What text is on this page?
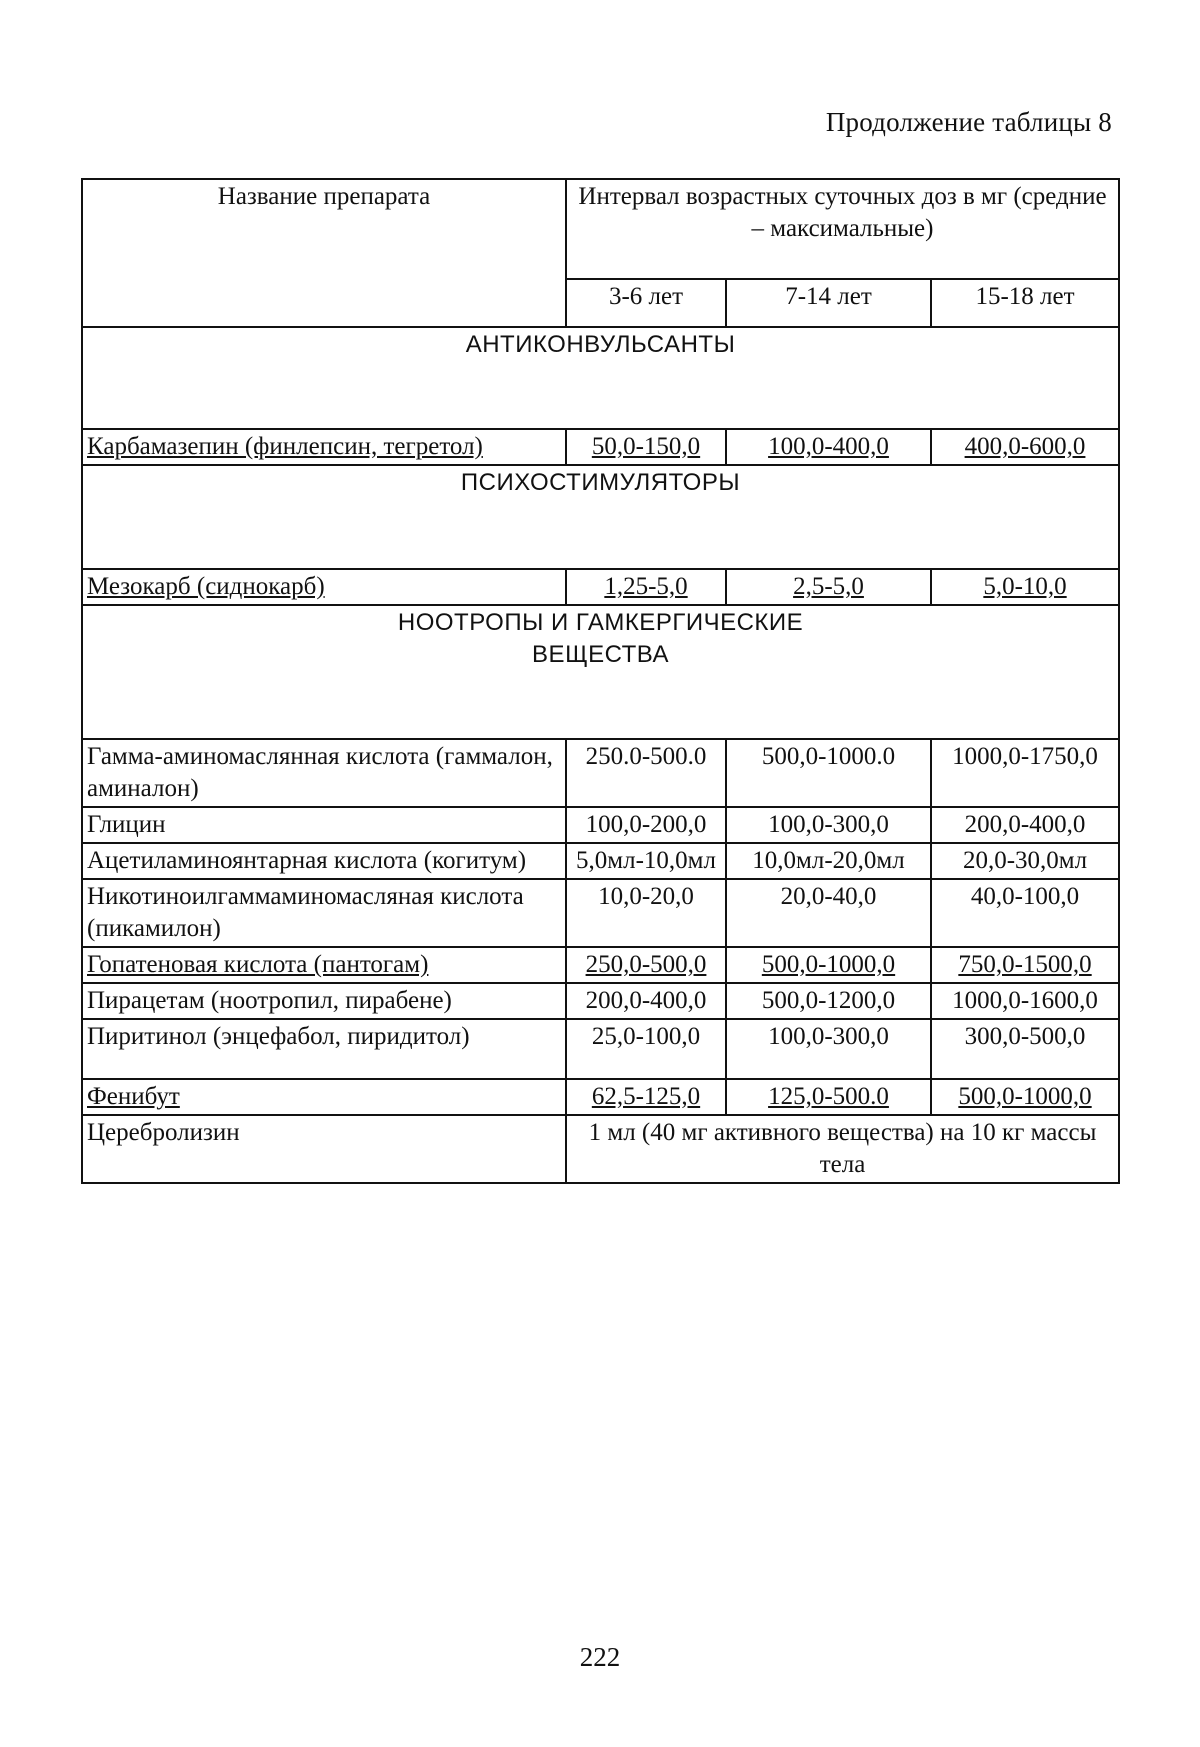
Продолжение таблицы 8
Название препарата	Интервал возрастных суточных доз в мг (средние – максимальные)		
	3-6 лет	7-14 лет	15-18 лет
АНТИКОНВУЛЬСАНТЫ			
Карбамазепин (финлепсин, тегретол)	50,0-150,0	100,0-400,0	400,0-600,0
ПСИХОСТИМУЛЯТОРЫ			
Мезокарб (сиднокарб)	1,25-5,0	2,5-5,0	5,0-10,0

НООТРОПЫ И ГАМКЕРГИЧЕСКИЕ
ВЕЩЕСТВА			

Гамма-аминомаслянная кислота (гаммалон, аминалон)	250.0-500.0	500,0-1000.0	1000,0-1750,0
Глицин	100,0-200,0	100,0-300,0	200,0-400,0
Ацетиламиноянтарная кислота (когитум)	5,0мл-10,0мл	10,0мл-20,0мл	20,0-30,0мл
Никотиноилгаммаминомасляная кислота (пикамилон)	10,0-20,0	20,0-40,0	40,0-100,0
Гопатеновая кислота (пантогам)	250,0-500,0	500,0-1000,0	750,0-1500,0
Пирацетам (ноотропил, пирабене)	200,0-400,0	500,0-1200,0	1000,0-1600,0
Пиритинол (энцефабол, пиридитол)	25,0-100,0	100,0-300,0	300,0-500,0
Фенибут	62,5-125,0	125,0-500.0	500,0-1000,0
Церебролизин	1 мл (40 мг активного вещества) на 10 кг массы тела		
222
